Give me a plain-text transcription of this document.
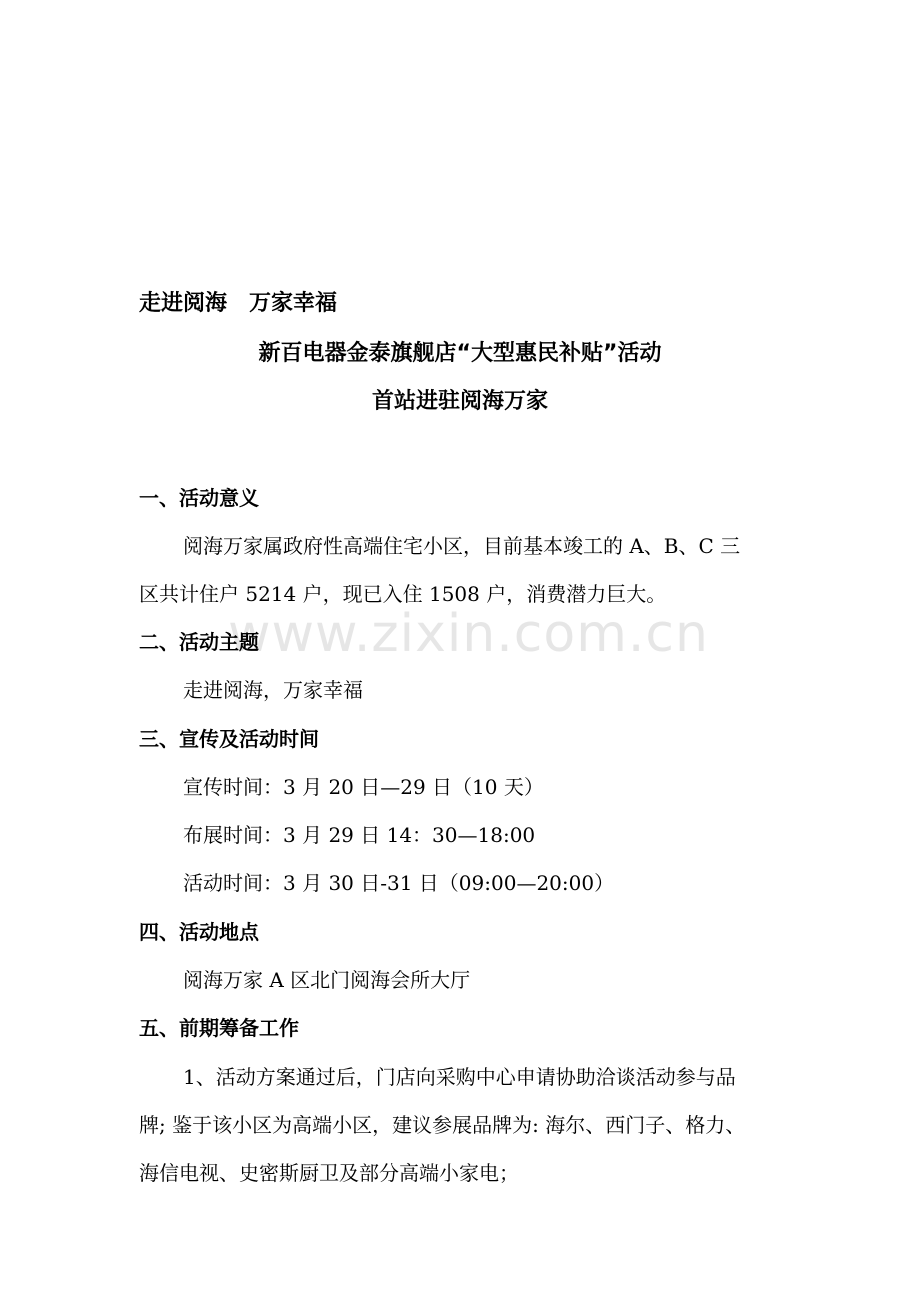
www.zixin.com.cn
走进阅海　万家幸福
新百电器金泰旗舰店“大型惠民补贴”活动
首站进驻阅海万家
一、活动意义
阅海万家属政府性高端住宅小区，目前基本竣工的 A、B、C 三
区共计住户 5214 户，现已入住 1508 户，消费潜力巨大。
二、活动主题
走进阅海，万家幸福
三、宣传及活动时间
宣传时间：3 月 20 日—29 日（10 天）
布展时间：3 月 29 日 14：30—18:00
活动时间：3 月 30 日-31 日（09:00—20:00）
四、活动地点
阅海万家 A 区北门阅海会所大厅
五、前期筹备工作
1、活动方案通过后，门店向采购中心申请协助洽谈活动参与品
牌; 鉴于该小区为高端小区，建议参展品牌为: 海尔、西门子、格力、
海信电视、史密斯厨卫及部分高端小家电；
